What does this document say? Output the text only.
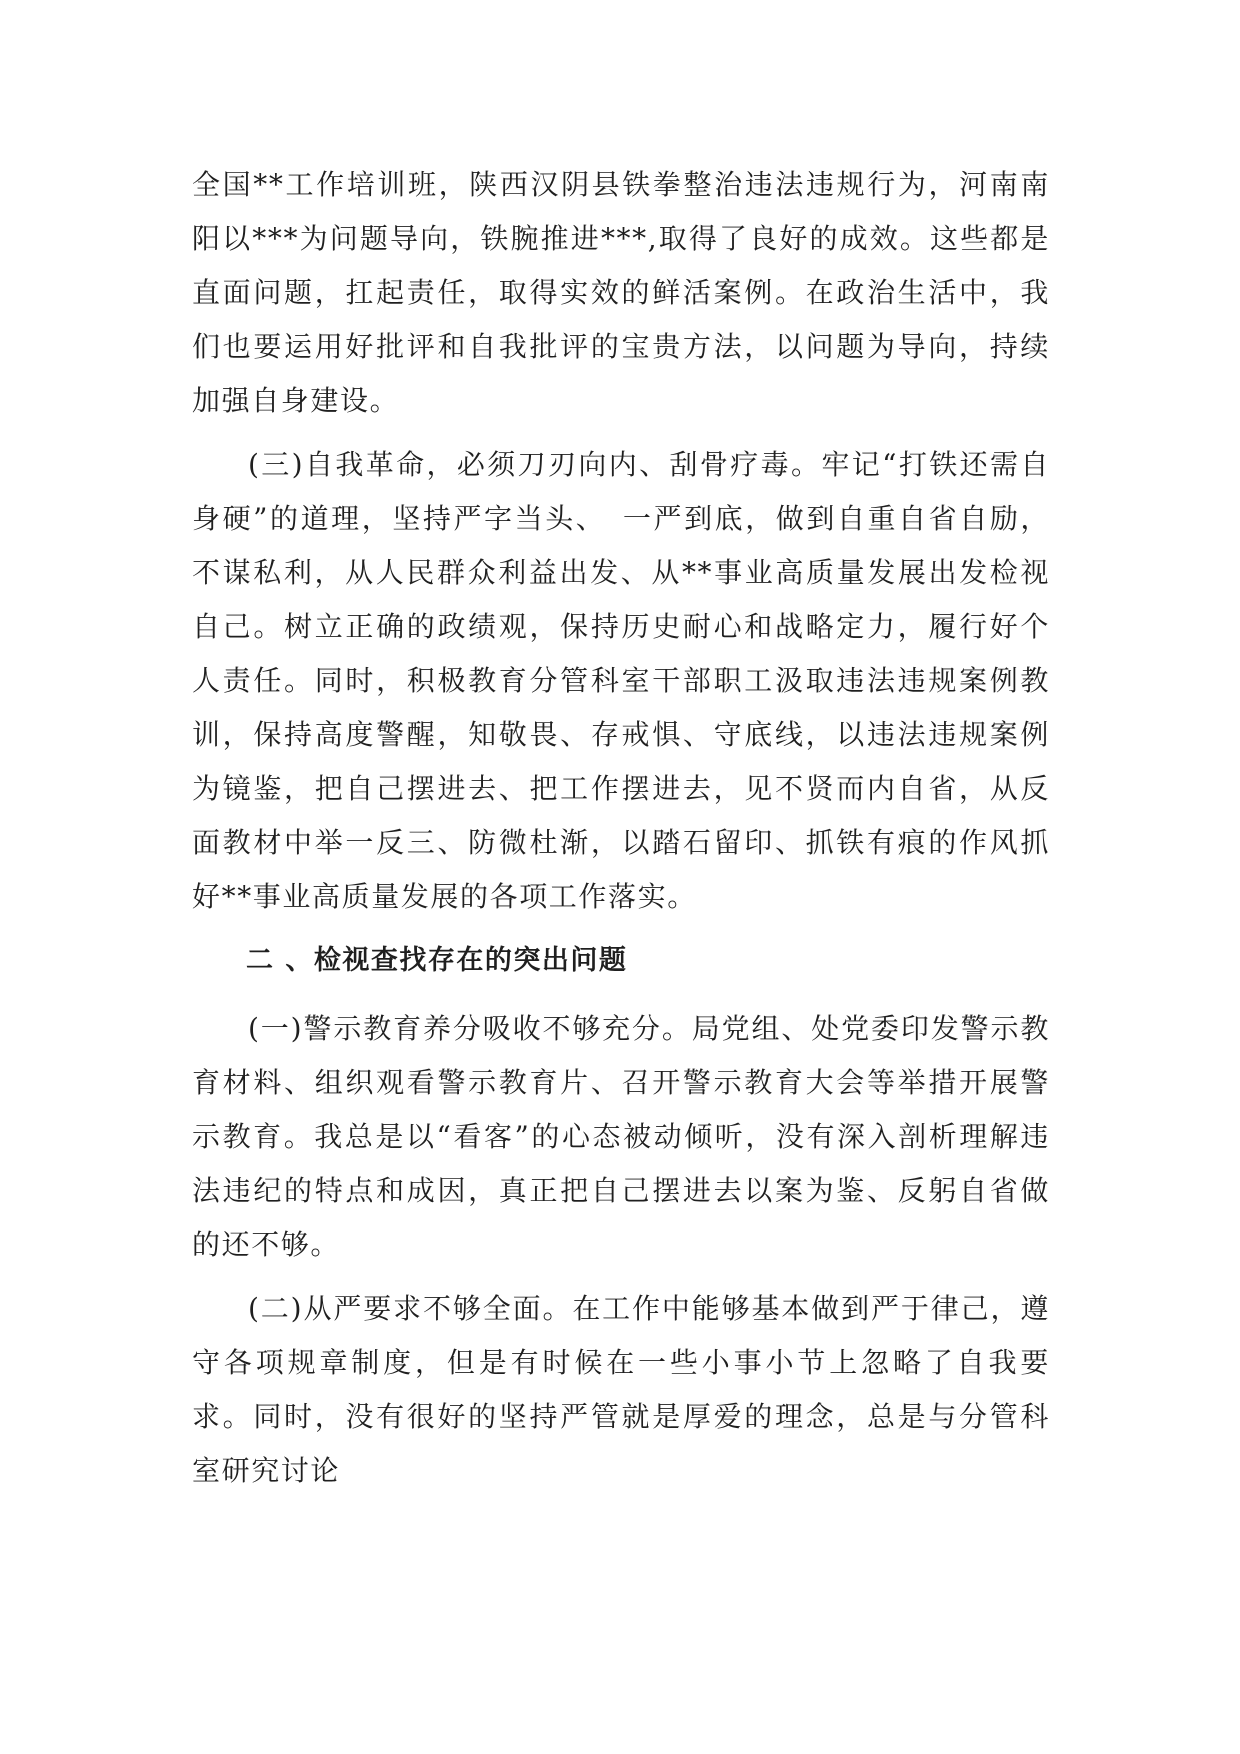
全国**工作培训班，陕西汉阴县铁拳整治违法违规行为，河南南阳以***为问题导向，铁腕推进***,取得了良好的成效。这些都是直面问题，扛起责任，取得实效的鲜活案例。在政治生活中，我们也要运用好批评和自我批评的宝贵方法，以问题为导向，持续加强自身建设。

(三)自我革命，必须刀刃向内、刮骨疗毒。牢记“打铁还需自身硬”的道理，坚持严字当头、　一严到底，做到自重自省自励，不谋私利，从人民群众利益出发、从**事业高质量发展出发检视自己。树立正确的政绩观，保持历史耐心和战略定力，履行好个人责任。同时，积极教育分管科室干部职工汲取违法违规案例教训，保持高度警醒，知敬畏、存戒惧、守底线，以违法违规案例为镜鉴，把自己摆进去、把工作摆进去，见不贤而内自省，从反面教材中举一反三、防微杜渐，以踏石留印、抓铁有痕的作风抓好**事业高质量发展的各项工作落实。

二 、检视查找存在的突出问题

(一)警示教育养分吸收不够充分。局党组、处党委印发警示教育材料、组织观看警示教育片、召开警示教育大会等举措开展警示教育。我总是以“看客”的心态被动倾听，没有深入剖析理解违法违纪的特点和成因，真正把自己摆进去以案为鉴、反躬自省做的还不够。

(二)从严要求不够全面。在工作中能够基本做到严于律己，遵守各项规章制度，但是有时候在一些小事小节上忽略了自我要求。同时，没有很好的坚持严管就是厚爱的理念，总是与分管科室研究讨论
